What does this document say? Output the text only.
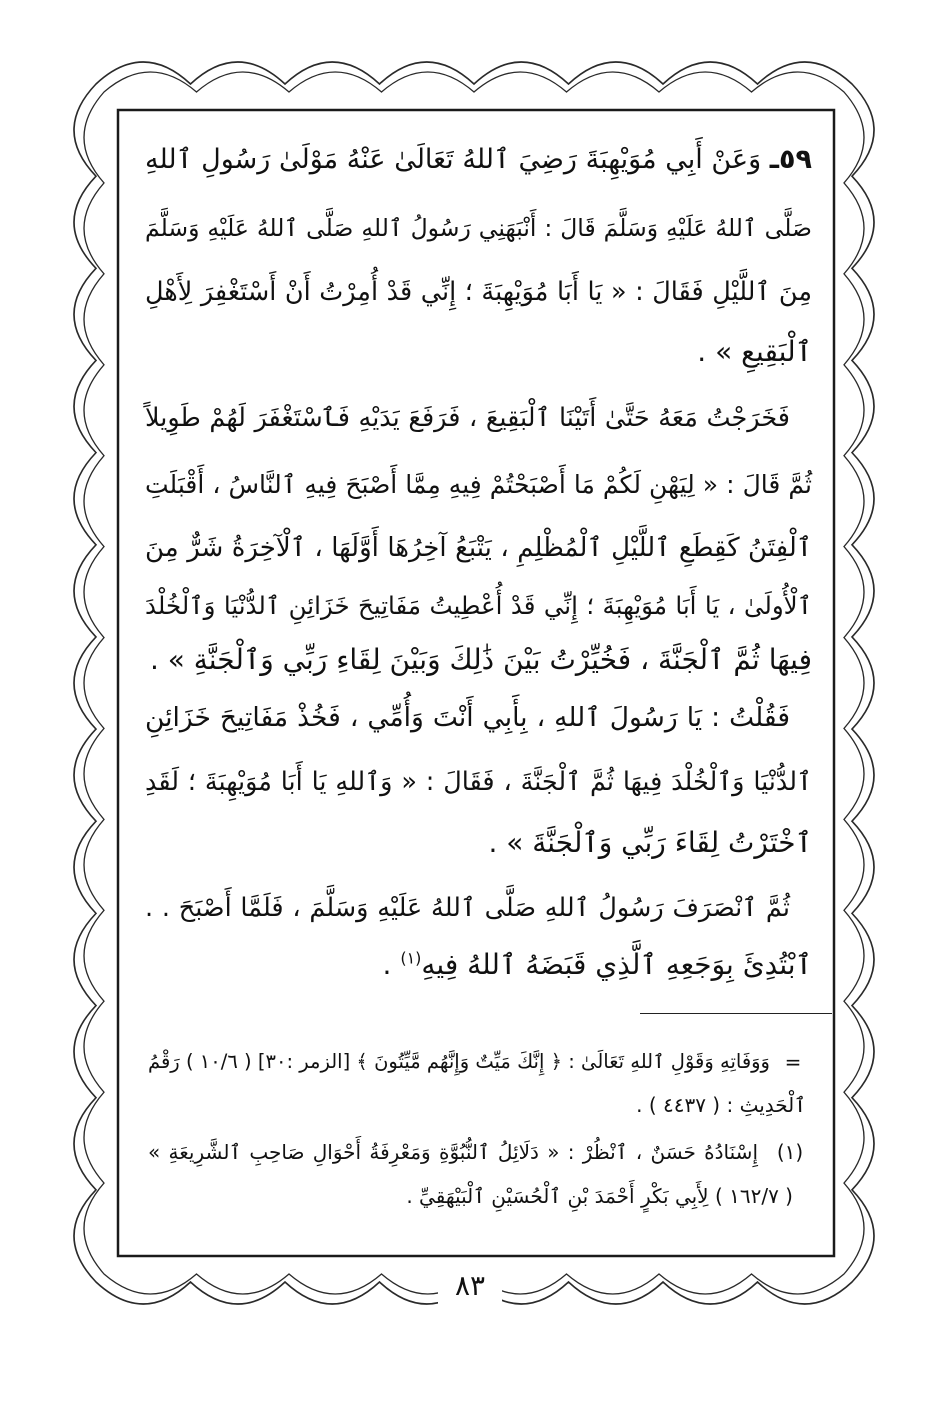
٥٩ـ وَعَنْ أَبِي مُوَيْهِبَةَ رَضِيَ ٱللهُ تَعَالَىٰ عَنْهُ مَوْلَىٰ رَسُولِ ٱللهِ
صَلَّى ٱللهُ عَلَيْهِ وَسَلَّمَ قَالَ : أَنْبَهَنِي رَسُولُ ٱللهِ صَلَّى ٱللهُ عَلَيْهِ وَسَلَّمَ
مِنَ ٱللَّيْلِ فَقَالَ : « يَا أَبَا مُوَيْهِبَةَ ؛ إِنِّي قَدْ أُمِرْتُ أَنْ أَسْتَغْفِرَ لِأَهْلِ
ٱلْبَقِيعِ » .
فَخَرَجْتُ مَعَهُ حَتَّىٰ أَتَيْنَا ٱلْبَقِيعَ ، فَرَفَعَ يَدَيْهِ فَٱسْتَغْفَرَ لَهُمْ طَوِيلاً
ثُمَّ قَالَ : « لِيَهْنِ لَكُمْ مَا أَصْبَحْتُمْ فِيهِ مِمَّا أَصْبَحَ فِيهِ ٱلنَّاسُ ، أَقْبَلَتِ
ٱلْفِتَنُ كَقِطَعِ ٱللَّيْلِ ٱلْمُظْلِمِ ، يَتْبَعُ آخِرُهَا أَوَّلَهَا ، ٱلْآخِرَةُ شَرٌّ مِنَ
ٱلْأُولَىٰ ، يَا أَبَا مُوَيْهِبَةَ ؛ إِنِّي قَدْ أُعْطِيتُ مَفَاتِيحَ خَزَائِنِ ٱلدُّنْيَا وَٱلْخُلْدَ
فِيهَا ثُمَّ ٱلْجَنَّةَ ، فَخُيِّرْتُ بَيْنَ ذَٰلِكَ وَبَيْنَ لِقَاءِ رَبِّي وَٱلْجَنَّةِ » .
فَقُلْتُ : يَا رَسُولَ ٱللهِ ، بِأَبِي أَنْتَ وَأُمِّي ، فَخُذْ مَفَاتِيحَ خَزَائِنِ
ٱلدُّنْيَا وَٱلْخُلْدَ فِيهَا ثُمَّ ٱلْجَنَّةَ ، فَقَالَ : « وَٱللهِ يَا أَبَا مُوَيْهِبَةَ ؛ لَقَدِ
ٱخْتَرْتُ لِقَاءَ رَبِّي وَٱلْجَنَّةَ » .
ثُمَّ ٱنْصَرَفَ رَسُولُ ٱللهِ صَلَّى ٱللهُ عَلَيْهِ وَسَلَّمَ ، فَلَمَّا أَصْبَحَ . .
ٱبْتُدِئَ بِوَجَعِهِ ٱلَّذِي قَبَضَهُ ٱللهُ فِيهِ$^{(١)}$ .
=
وَوَفَاتِهِ وَقَوْلِ ٱللهِ تَعَالَىٰ : ﴿ إِنَّكَ مَيِّتٌ وَإِنَّهُم مَّيِّتُونَ ﴾ [الزمر :٣٠] ( ١٠/٦ ) رَقْمُ
ٱلْحَدِيثِ : ( ٤٤٣٧ ) .
(١)
إِسْنَادُهُ حَسَنٌ ، ٱنْظُرْ : « دَلَائِلُ ٱلنُّبُوَّةِ وَمَعْرِفَةُ أَحْوَالِ صَاحِبِ ٱلشَّرِيعَةِ »
( ١٦٢/٧ ) لِأَبِي بَكْرٍ أَحْمَدَ بْنِ ٱلْحُسَيْنِ ٱلْبَيْهَقِيِّ .
٨٣
